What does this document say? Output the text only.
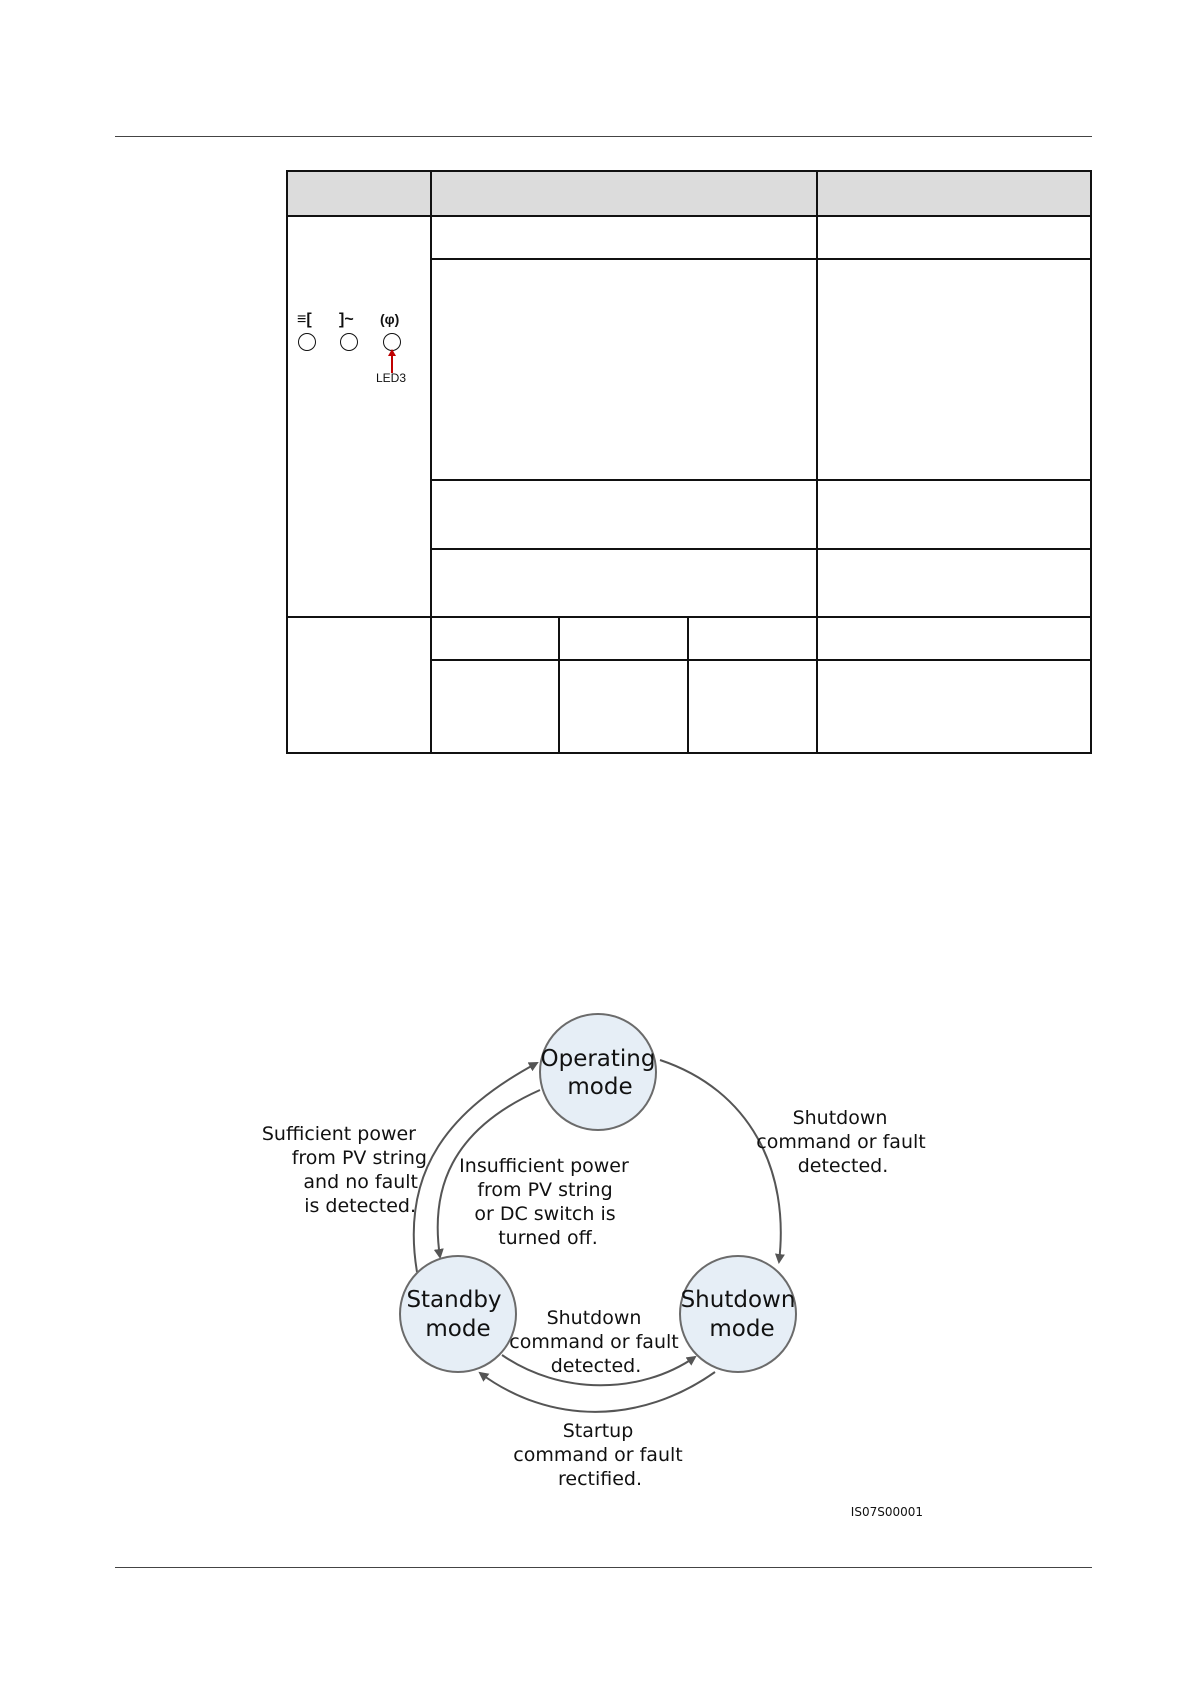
≡[ ]~ (φ)
LED3
Operating
mode
Standby
mode
Shutdown
mode
Sufficient power
from PV string
and no fault
is detected.
Insufficient power
from PV string
or DC switch is
turned off.
Shutdown
command or fault
detected.
Shutdown
command or fault
detected.
Startup
command or fault
rectified.
IS07S00001
